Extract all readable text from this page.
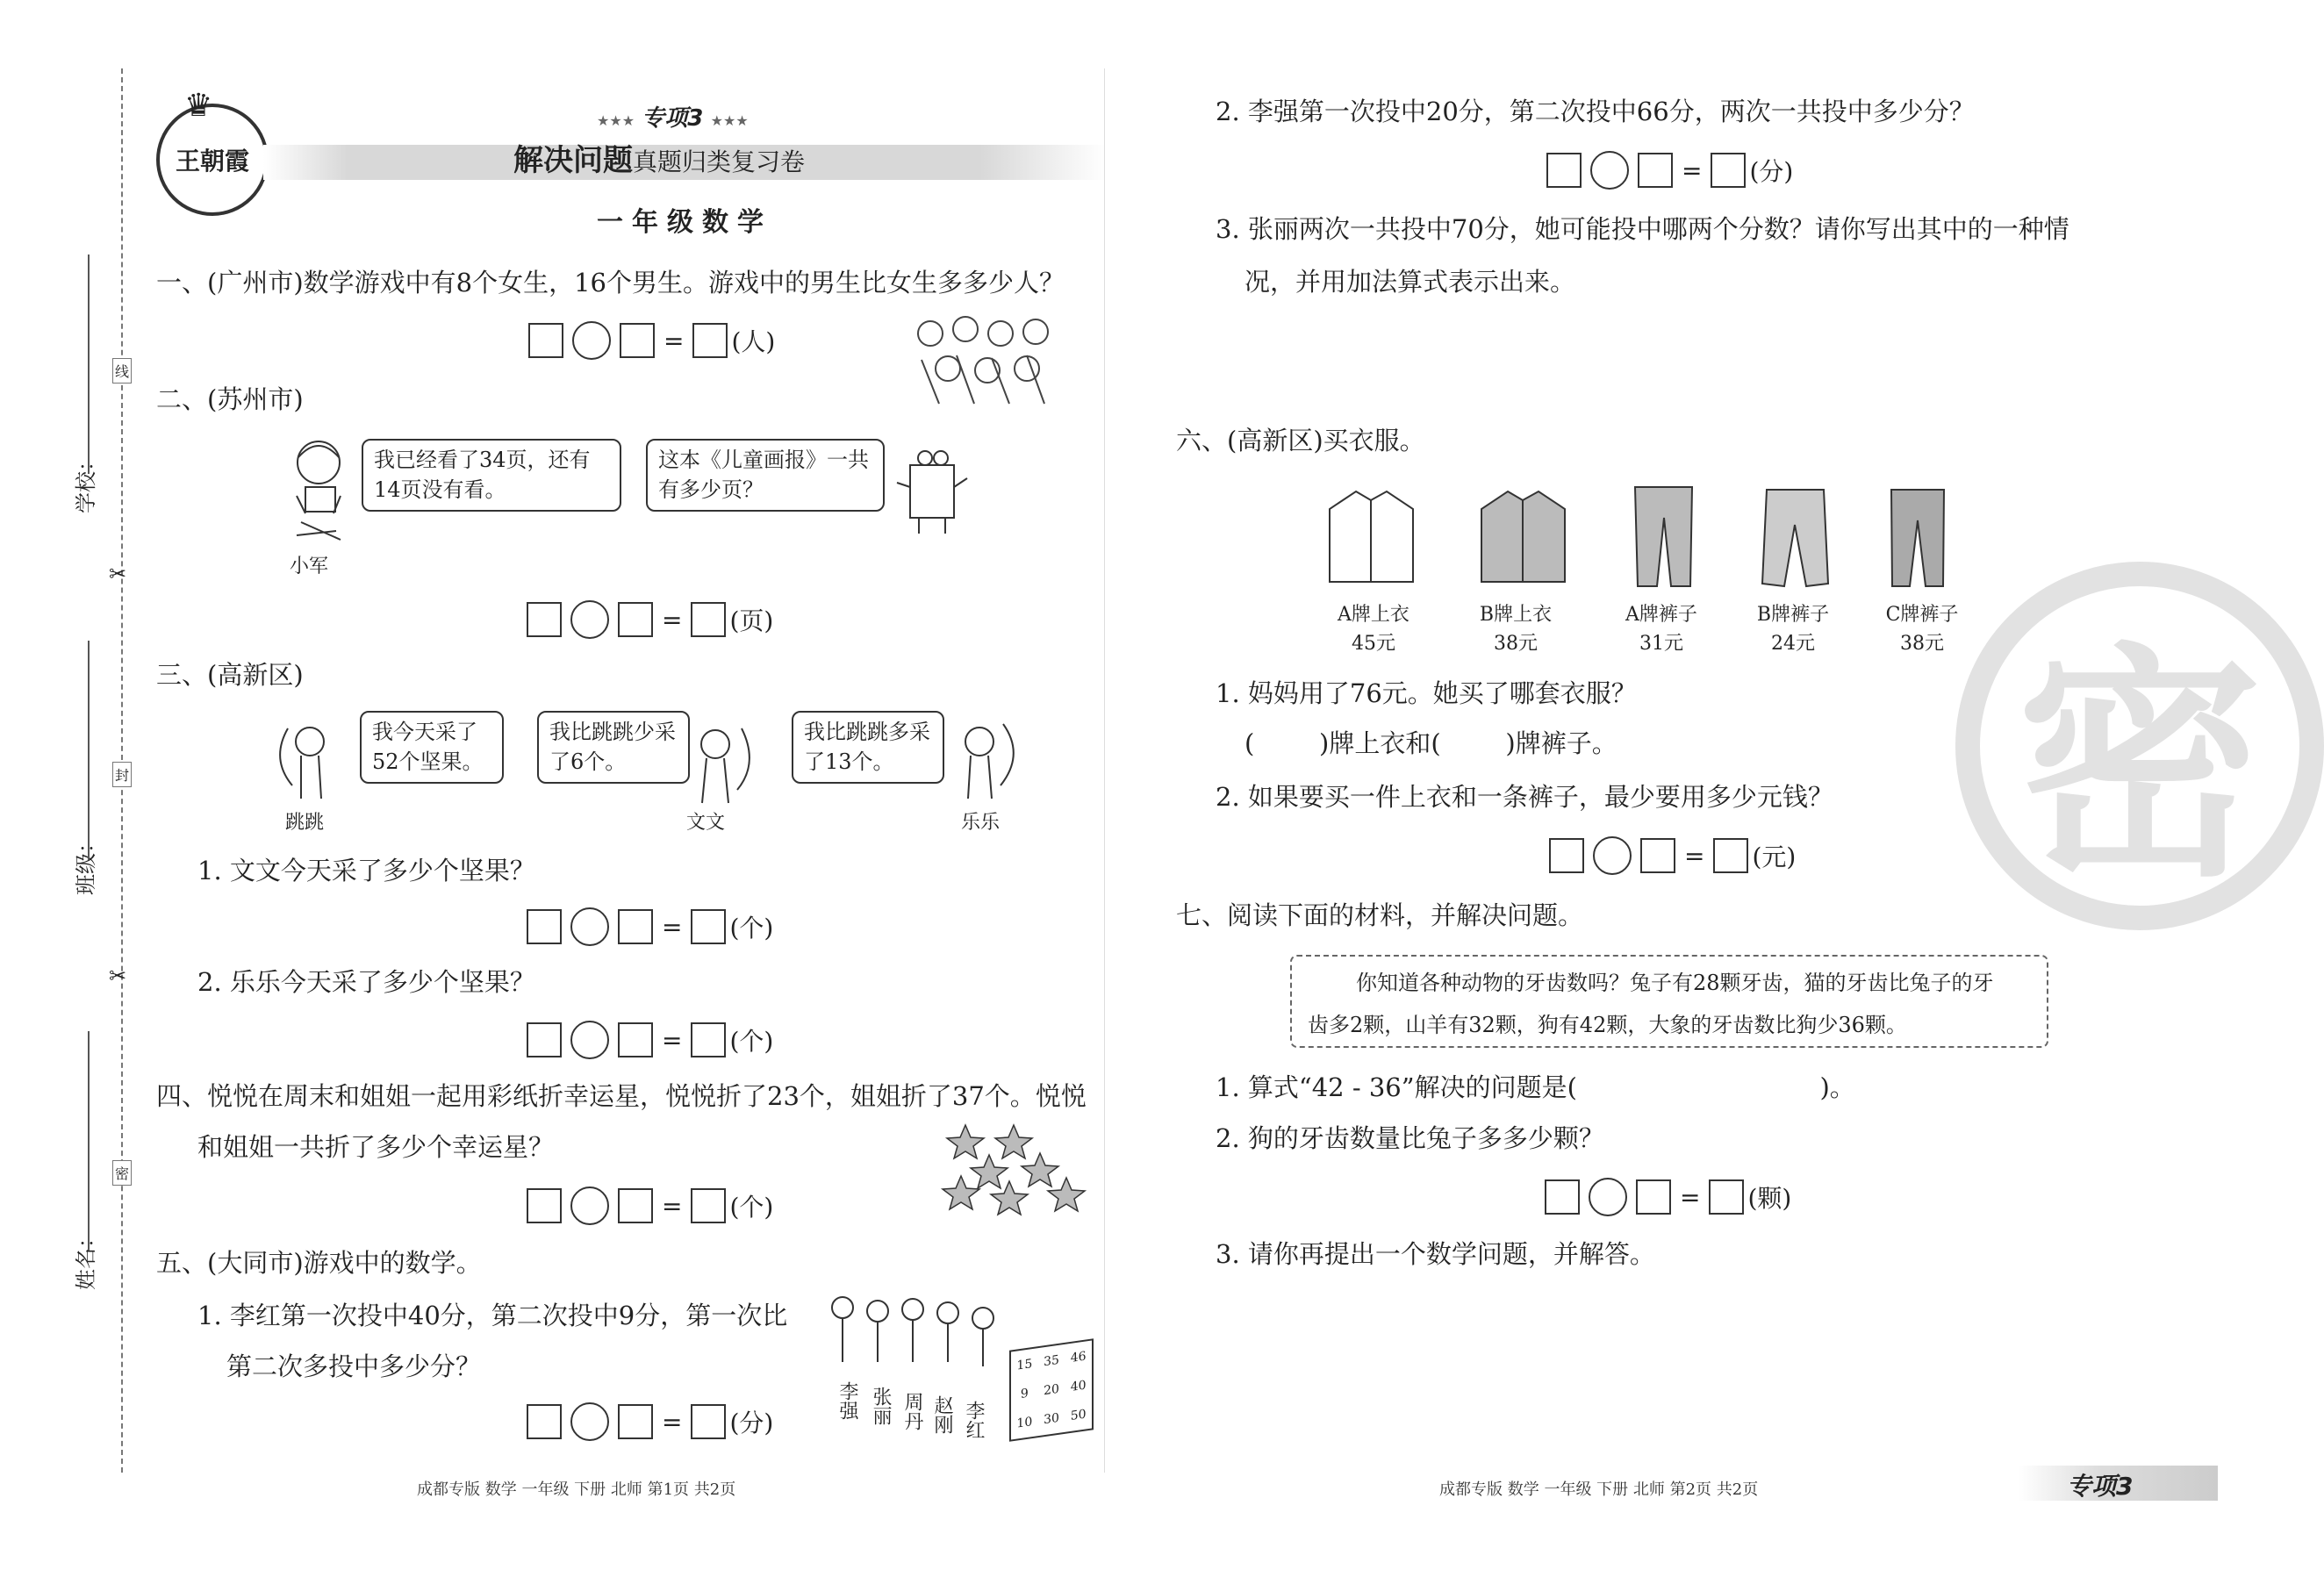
学校：
班级：
姓名：
线
封
密
✂
✂
王朝霞
♛	★★★ 专项3 ★★★
解决问题真题归类复习卷
一年级数学
一、(广州市)数学游戏中有8个女生，16个男生。游戏中的男生比女生多多少人？
= (人)
二、(苏州市)
我已经看了34页，还有14页没有看。
这本《儿童画报》一共有多少页？
小军
= (页)
三、(高新区)
我今天采了52个坚果。
跳跳
我比跳跳少采了6个。
文文
我比跳跳多采了13个。
乐乐
1. 文文今天采了多少个坚果？
= (个)
2. 乐乐今天采了多少个坚果？
= (个)
四、悦悦在周末和姐姐一起用彩纸折幸运星，悦悦折了23个，姐姐折了37个。悦悦
和姐姐一共折了多少个幸运星？
= (个)
五、(大同市)游戏中的数学。
1. 李红第一次投中40分，第二次投中9分，第一次比
第二次多投中多少分？
= (分)
李强 张丽 周丹 赵刚 李红
15 35 46
9	20 40
10 30 50
成都专版 数学 一年级 下册 北师 第1页 共2页
2. 李强第一次投中20分，第二次投中66分，两次一共投中多少分？
= (分)
3. 张丽两次一共投中70分，她可能投中哪两个分数？请你写出其中的一种情
况，并用加法算式表示出来。
六、(高新区)买衣服。
A牌上衣
45元
B牌上衣
38元
A牌裤子
31元
B牌裤子
24元
C牌裤子
38元
1. 妈妈用了76元。她买了哪套衣服？
(        )牌上衣和(        )牌裤子。
2. 如果要买一件上衣和一条裤子，最少要用多少元钱？
= (元)
七、阅读下面的材料，并解决问题。
你知道各种动物的牙齿数吗？兔子有28颗牙齿，猫的牙齿比兔子的牙
齿多2颗，山羊有32颗，狗有42颗，大象的牙齿数比狗少36颗。
1. 算式“42 - 36”解决的问题是(                              )。
2. 狗的牙齿数量比兔子多多少颗？
= (颗)
3. 请你再提出一个数学问题，并解答。
密
成都专版 数学 一年级 下册 北师 第2页 共2页	专项3
